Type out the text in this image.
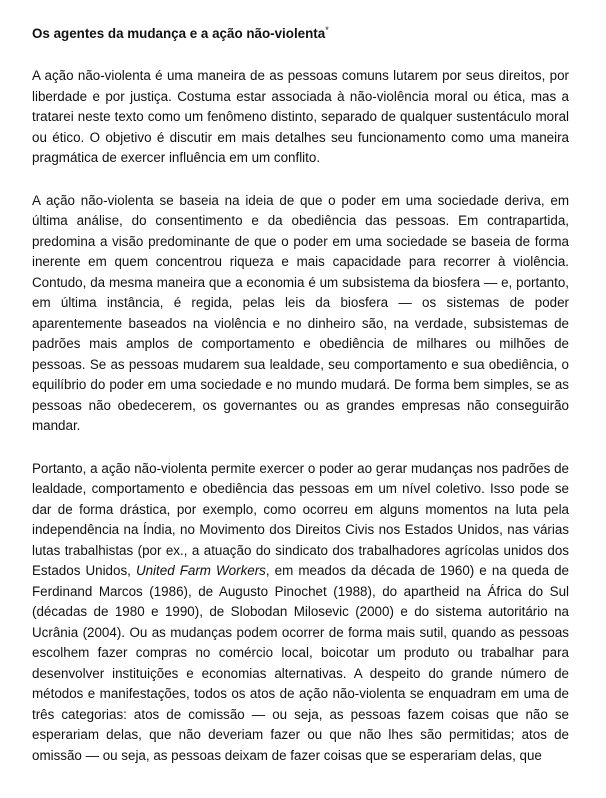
Os agentes da mudança e a ação não-violenta*

A ação não-violenta é uma maneira de as pessoas comuns lutarem por seus direitos, por liberdade e por justiça. Costuma estar associada à não-violência moral ou ética, mas a tratarei neste texto como um fenômeno distinto, separado de qualquer sustentáculo moral ou ético. O objetivo é discutir em mais detalhes seu funcionamento como uma maneira pragmática de exercer influência em um conflito.

A ação não-violenta se baseia na ideia de que o poder em uma sociedade deriva, em última análise, do consentimento e da obediência das pessoas. Em contrapartida, predomina a visão predominante de que o poder em uma sociedade se baseia de forma inerente em quem concentrou riqueza e mais capacidade para recorrer à violência. Contudo, da mesma maneira que a economia é um subsistema da biosfera — e, portanto, em última instância, é regida, pelas leis da biosfera — os sistemas de poder aparentemente baseados na violência e no dinheiro são, na verdade, subsistemas de padrões mais amplos de comportamento e obediência de milhares ou milhões de pessoas. Se as pessoas mudarem sua lealdade, seu comportamento e sua obediência, o equilíbrio do poder em uma sociedade e no mundo mudará. De forma bem simples, se as pessoas não obedecerem, os governantes ou as grandes empresas não conseguirão mandar.

Portanto, a ação não-violenta permite exercer o poder ao gerar mudanças nos padrões de lealdade, comportamento e obediência das pessoas em um nível coletivo. Isso pode se dar de forma drástica, por exemplo, como ocorreu em alguns momentos na luta pela independência na Índia, no Movimento dos Direitos Civis nos Estados Unidos, nas várias lutas trabalhistas (por ex., a atuação do sindicato dos trabalhadores agrícolas unidos dos Estados Unidos, United Farm Workers, em meados da década de 1960) e na queda de Ferdinand Marcos (1986), de Augusto Pinochet (1988), do apartheid na África do Sul (décadas de 1980 e 1990), de Slobodan Milosevic (2000) e do sistema autoritário na Ucrânia (2004). Ou as mudanças podem ocorrer de forma mais sutil, quando as pessoas escolhem fazer compras no comércio local, boicotar um produto ou trabalhar para desenvolver instituições e economias alternativas. A despeito do grande número de métodos e manifestações, todos os atos de ação não-violenta se enquadram em uma de três categorias: atos de comissão — ou seja, as pessoas fazem coisas que não se esperariam delas, que não deveriam fazer ou que não lhes são permitidas; atos de omissão — ou seja, as pessoas deixam de fazer coisas que se esperariam delas, que
